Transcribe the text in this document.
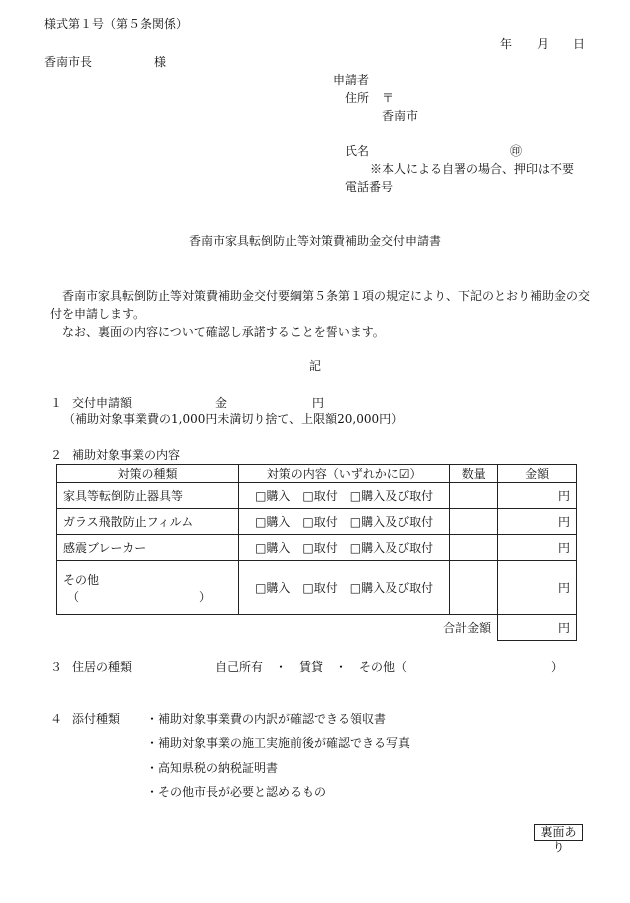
様式第１号（第５条関係）
年 月 日
香南市長	様
申請者
住所 〒
香南市
氏名	㊞
※本人による自署の場合、押印は不要
電話番号
香南市家具転倒防止等対策費補助金交付申請書
香南市家具転倒防止等対策費補助金交付要綱第５条第１項の規定により、下記のとおり補助金の交付を申請します。
なお、裏面の内容について確認し承諾することを誓います。
記
１ 交付申請額	金	円
（補助対象事業費の1,000円未満切り捨て、上限額20,000円）
２ 補助対象事業の内容
対策の種類	対策の内容（いずれかに☑）	数量	金額
家具等転倒防止器具等	□購入　□取付　□購入及び取付		円
ガラス飛散防止フィルム	□購入　□取付　□購入及び取付		円
感震ブレーカー	□購入　□取付　□購入及び取付		円

その他
（　　　　　　　　　　）	□購入　□取付　□購入及び取付		円
合計金額			円
３ 住居の種類	自己所有　・　賃貸　・　その他（　　　　　　　　　　　　）
４ 添付種類 ・補助対象事業費の内訳が確認できる領収書
・補助対象事業の施工実施前後が確認できる写真
・高知県税の納税証明書
・その他市長が必要と認めるもの
裏面あり
